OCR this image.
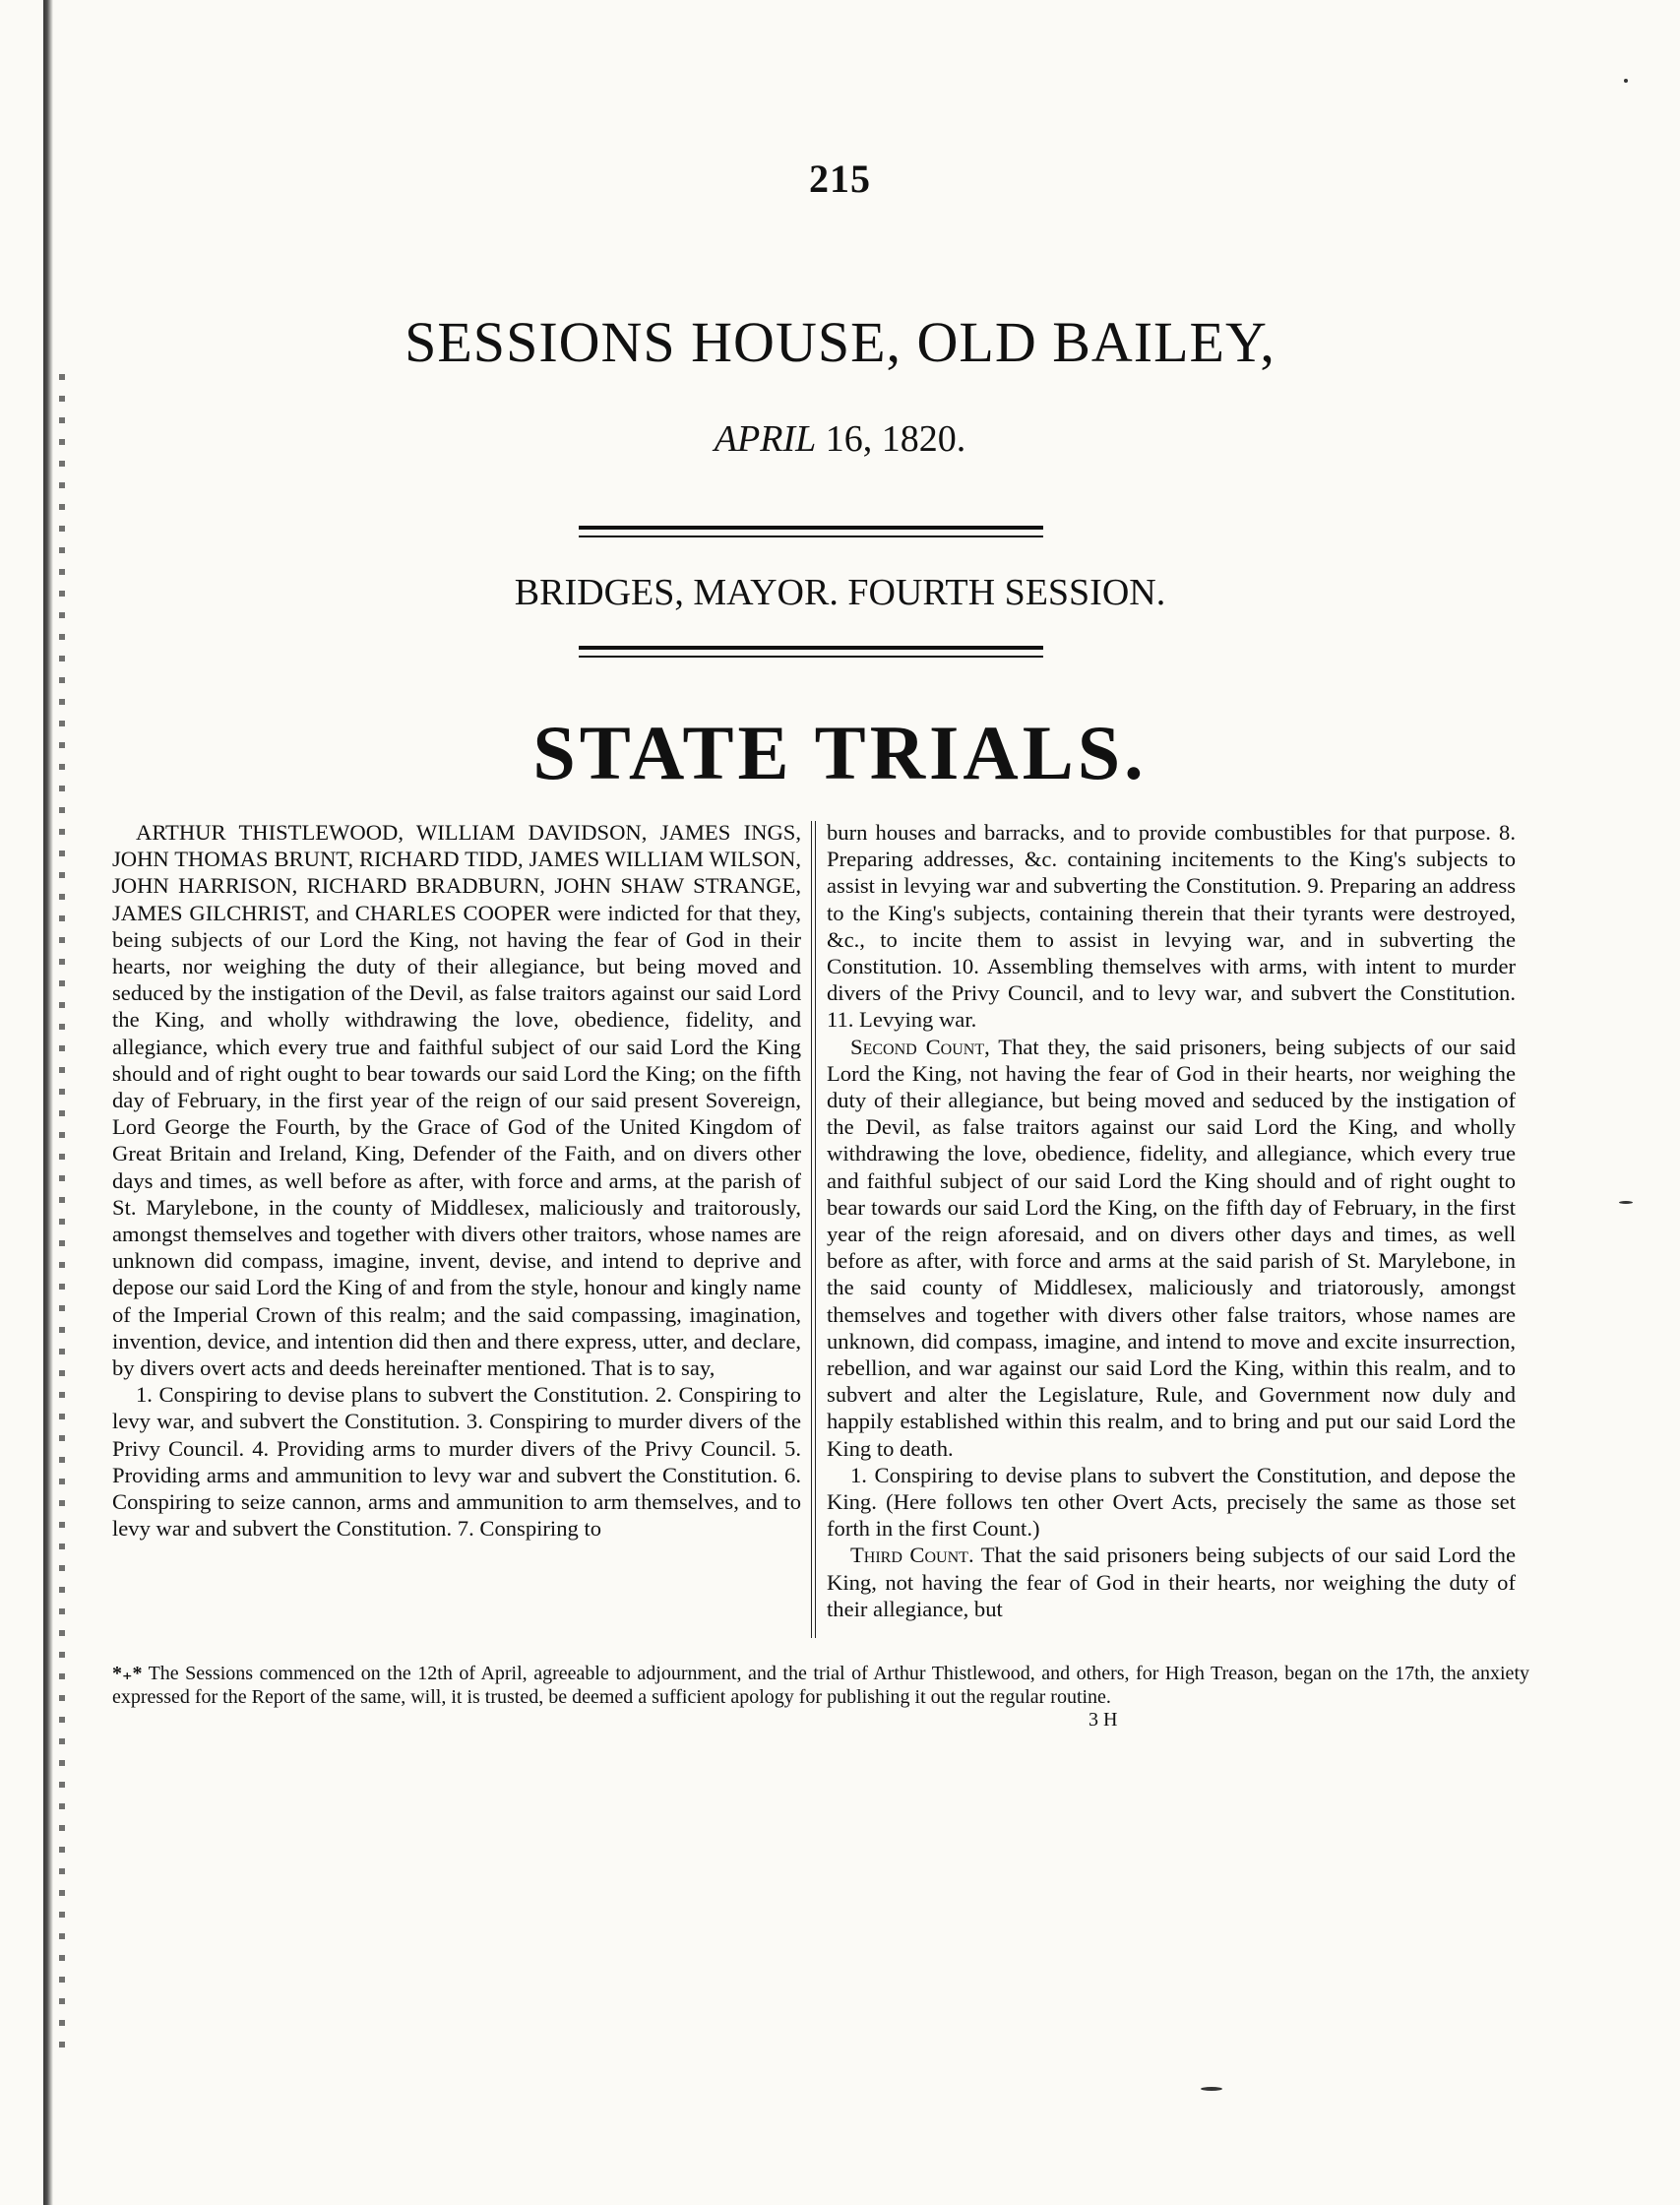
215
SESSIONS HOUSE, OLD BAILEY,
APRIL 16, 1820.
BRIDGES, MAYOR. FOURTH SESSION.
STATE TRIALS.

ARTHUR THISTLEWOOD, WILLIAM DAVIDSON, JAMES INGS, JOHN THOMAS BRUNT, RICHARD TIDD, JAMES WILLIAM WILSON, JOHN HARRISON, RICHARD BRADBURN, JOHN SHAW STRANGE, JAMES GILCHRIST, and CHARLES COOPER were indicted for that they, being subjects of our Lord the King, not having the fear of God in their hearts, nor weighing the duty of their allegiance, but being moved and seduced by the instigation of the Devil, as false traitors against our said Lord the King, and wholly withdrawing the love, obedience, fidelity, and allegiance, which every true and faithful subject of our said Lord the King should and of right ought to bear towards our said Lord the King; on the fifth day of February, in the first year of the reign of our said present Sovereign, Lord George the Fourth, by the Grace of God of the United Kingdom of Great Britain and Ireland, King, Defender of the Faith, and on divers other days and times, as well before as after, with force and arms, at the parish of St. Marylebone, in the county of Middlesex, maliciously and traitorously, amongst themselves and together with divers other traitors, whose names are unknown did compass, imagine, invent, devise, and intend to deprive and depose our said Lord the King of and from the style, honour and kingly name of the Imperial Crown of this realm; and the said compassing, imagination, invention, device, and intention did then and there express, utter, and declare, by divers overt acts and deeds hereinafter mentioned. That is to say,

1. Conspiring to devise plans to subvert the Constitution. 2. Conspiring to levy war, and subvert the Constitution. 3. Conspiring to murder divers of the Privy Council. 4. Providing arms to murder divers of the Privy Council. 5. Providing arms and ammunition to levy war and subvert the Constitution. 6. Conspiring to seize cannon, arms and ammunition to arm themselves, and to levy war and subvert the Constitution. 7. Conspiring to

burn houses and barracks, and to provide combustibles for that purpose. 8. Preparing addresses, &c. containing incitements to the King's subjects to assist in levying war and subverting the Constitution. 9. Preparing an address to the King's subjects, containing therein that their tyrants were destroyed, &c., to incite them to assist in levying war, and in subverting the Constitution. 10. Assembling themselves with arms, with intent to murder divers of the Privy Council, and to levy war, and subvert the Constitution. 11. Levying war.

Second Count, That they, the said prisoners, being subjects of our said Lord the King, not having the fear of God in their hearts, nor weighing the duty of their allegiance, but being moved and seduced by the instigation of the Devil, as false traitors against our said Lord the King, and wholly withdrawing the love, obedience, fidelity, and allegiance, which every true and faithful subject of our said Lord the King should and of right ought to bear towards our said Lord the King, on the fifth day of February, in the first year of the reign aforesaid, and on divers other days and times, as well before as after, with force and arms at the said parish of St. Marylebone, in the said county of Middlesex, maliciously and triatorously, amongst themselves and together with divers other false traitors, whose names are unknown, did compass, imagine, and intend to move and excite insurrection, rebellion, and war against our said Lord the King, within this realm, and to subvert and alter the Legislature, Rule, and Government now duly and happily established within this realm, and to bring and put our said Lord the King to death.

1. Conspiring to devise plans to subvert the Constitution, and depose the King. (Here follows ten other Overt Acts, precisely the same as those set forth in the first Count.)

Third Count. That the said prisoners being subjects of our said Lord the King, not having the fear of God in their hearts, nor weighing the duty of their allegiance, but

*₊* The Sessions commenced on the 12th of April, agreeable to adjournment, and the trial of Arthur Thistlewood, and others, for High Treason, began on the 17th, the anxiety expressed for the Report of the same, will, it is trusted, be deemed a sufficient apology for publishing it out the regular routine.
3 H
